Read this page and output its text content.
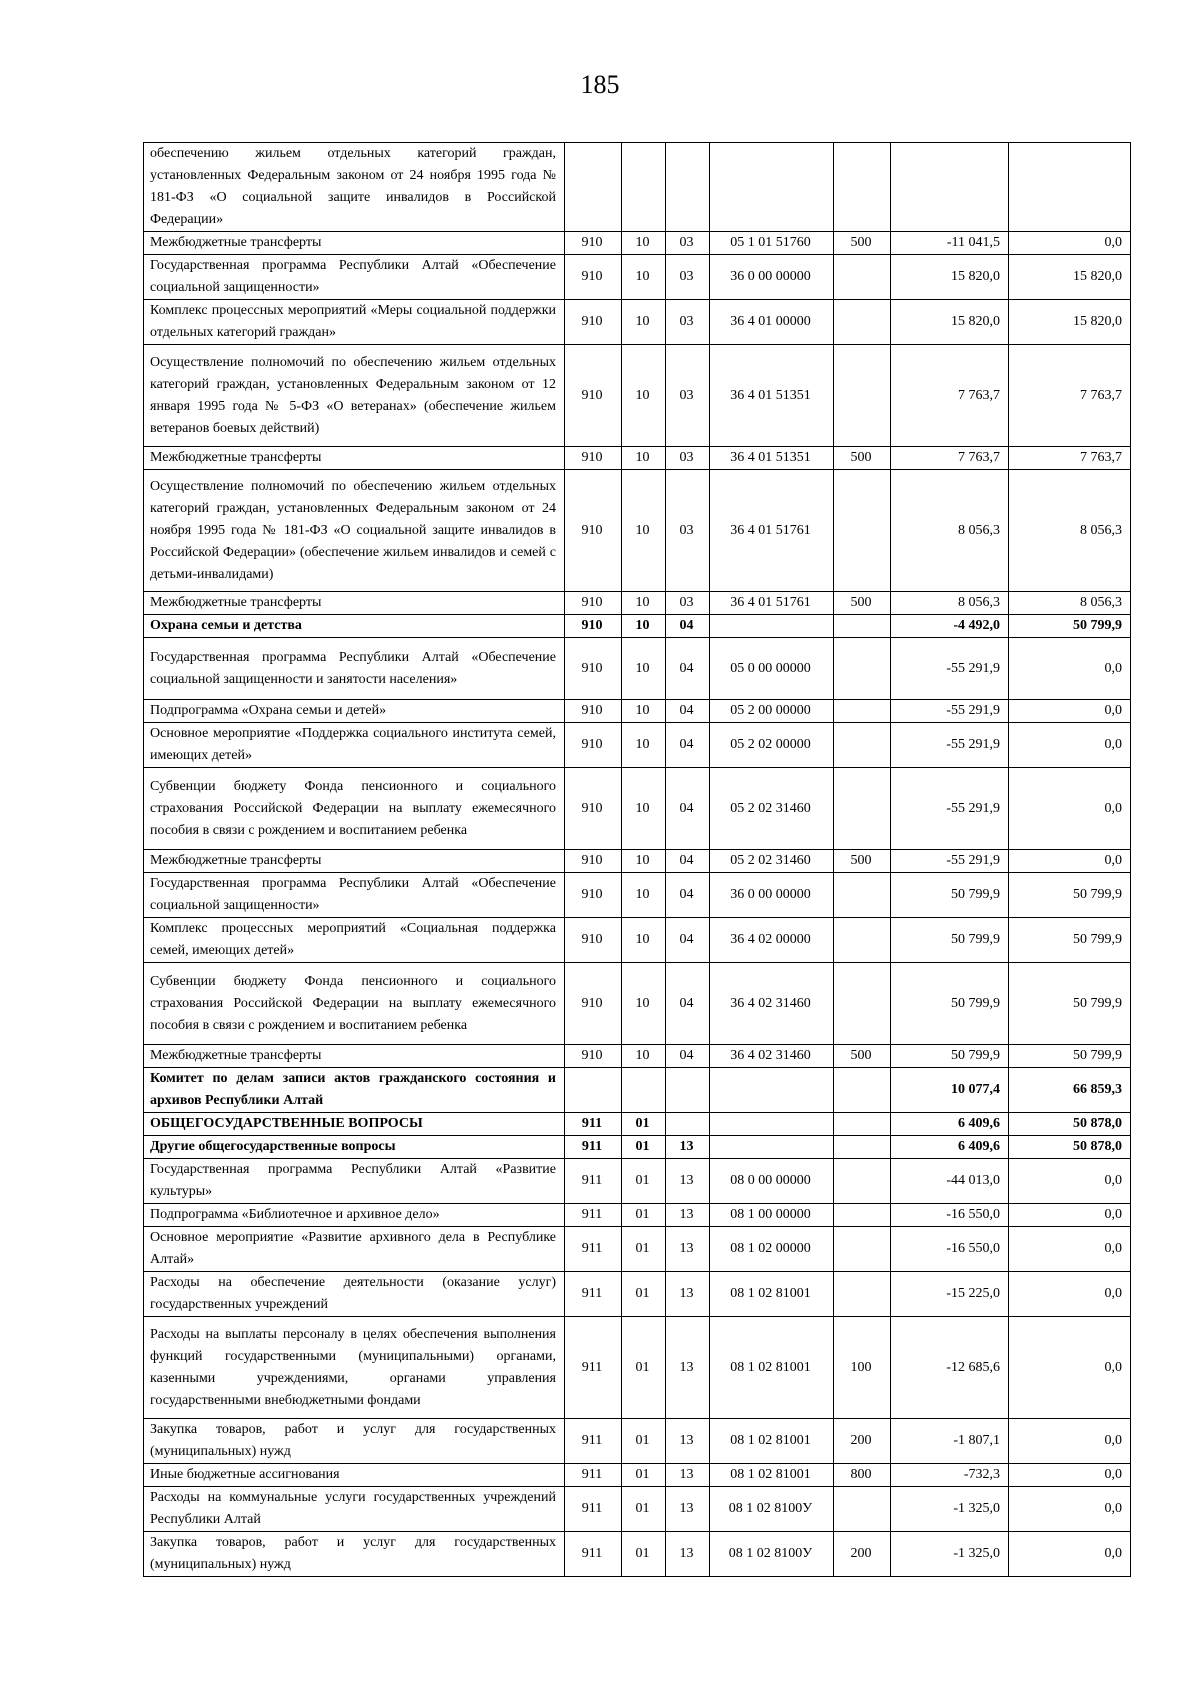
185
обеспечению жильем отдельных категорий граждан, установленных Федеральным законом от 24 ноября 1995 года № 181-ФЗ «О социальной защите инвалидов в Российской Федерации»							
Межбюджетные трансферты	910	10	03	05 1 01 51760	500	-11 041,5	0,0
Государственная программа Республики Алтай «Обеспечение социальной защищенности»	910	10	03	36 0 00 00000		15 820,0	15 820,0
Комплекс процессных мероприятий «Меры социальной поддержки отдельных категорий граждан»	910	10	03	36 4 01 00000		15 820,0	15 820,0
Осуществление полномочий по обеспечению жильем отдельных категорий граждан, установленных Федеральным законом от 12 января 1995 года № 5-ФЗ «О ветеранах» (обеспечение жильем ветеранов боевых действий)	910	10	03	36 4 01 51351		7 763,7	7 763,7
Межбюджетные трансферты	910	10	03	36 4 01 51351	500	7 763,7	7 763,7
Осуществление полномочий по обеспечению жильем отдельных категорий граждан, установленных Федеральным законом от 24 ноября 1995 года № 181-ФЗ «О социальной защите инвалидов в Российской Федерации» (обеспечение жильем инвалидов и семей с детьми-инвалидами)	910	10	03	36 4 01 51761		8 056,3	8 056,3
Межбюджетные трансферты	910	10	03	36 4 01 51761	500	8 056,3	8 056,3
Охрана семьи и детства	910	10	04			-4 492,0	50 799,9
Государственная программа Республики Алтай «Обеспечение социальной защищенности и занятости населения»	910	10	04	05 0 00 00000		-55 291,9	0,0
Подпрограмма «Охрана семьи и детей»	910	10	04	05 2 00 00000		-55 291,9	0,0
Основное мероприятие «Поддержка социального института семей, имеющих детей»	910	10	04	05 2 02 00000		-55 291,9	0,0
Субвенции бюджету Фонда пенсионного и социального страхования Российской Федерации на выплату ежемесячного пособия в связи с рождением и воспитанием ребенка	910	10	04	05 2 02 31460		-55 291,9	0,0
Межбюджетные трансферты	910	10	04	05 2 02 31460	500	-55 291,9	0,0
Государственная программа Республики Алтай «Обеспечение социальной защищенности»	910	10	04	36 0 00 00000		50 799,9	50 799,9
Комплекс процессных мероприятий «Социальная поддержка семей, имеющих детей»	910	10	04	36 4 02 00000		50 799,9	50 799,9
Субвенции бюджету Фонда пенсионного и социального страхования Российской Федерации на выплату ежемесячного пособия в связи с рождением и воспитанием ребенка	910	10	04	36 4 02 31460		50 799,9	50 799,9
Межбюджетные трансферты	910	10	04	36 4 02 31460	500	50 799,9	50 799,9
Комитет по делам записи актов гражданского состояния и архивов Республики Алтай						10 077,4	66 859,3
ОБЩЕГОСУДАРСТВЕННЫЕ ВОПРОСЫ	911	01				6 409,6	50 878,0
Другие общегосударственные вопросы	911	01	13			6 409,6	50 878,0
Государственная программа Республики Алтай «Развитие культуры»	911	01	13	08 0 00 00000		-44 013,0	0,0
Подпрограмма «Библиотечное и архивное дело»	911	01	13	08 1 00 00000		-16 550,0	0,0
Основное мероприятие «Развитие архивного дела в Республике Алтай»	911	01	13	08 1 02 00000		-16 550,0	0,0
Расходы на обеспечение деятельности (оказание услуг) государственных учреждений	911	01	13	08 1 02 81001		-15 225,0	0,0
Расходы на выплаты персоналу в целях обеспечения выполнения функций государственными (муниципальными) органами, казенными учреждениями, органами управления государственными внебюджетными фондами	911	01	13	08 1 02 81001	100	-12 685,6	0,0
Закупка товаров, работ и услуг для государственных (муниципальных) нужд	911	01	13	08 1 02 81001	200	-1 807,1	0,0
Иные бюджетные ассигнования	911	01	13	08 1 02 81001	800	-732,3	0,0
Расходы на коммунальные услуги государственных учреждений Республики Алтай	911	01	13	08 1 02 8100У		-1 325,0	0,0
Закупка товаров, работ и услуг для государственных (муниципальных) нужд	911	01	13	08 1 02 8100У	200	-1 325,0	0,0
